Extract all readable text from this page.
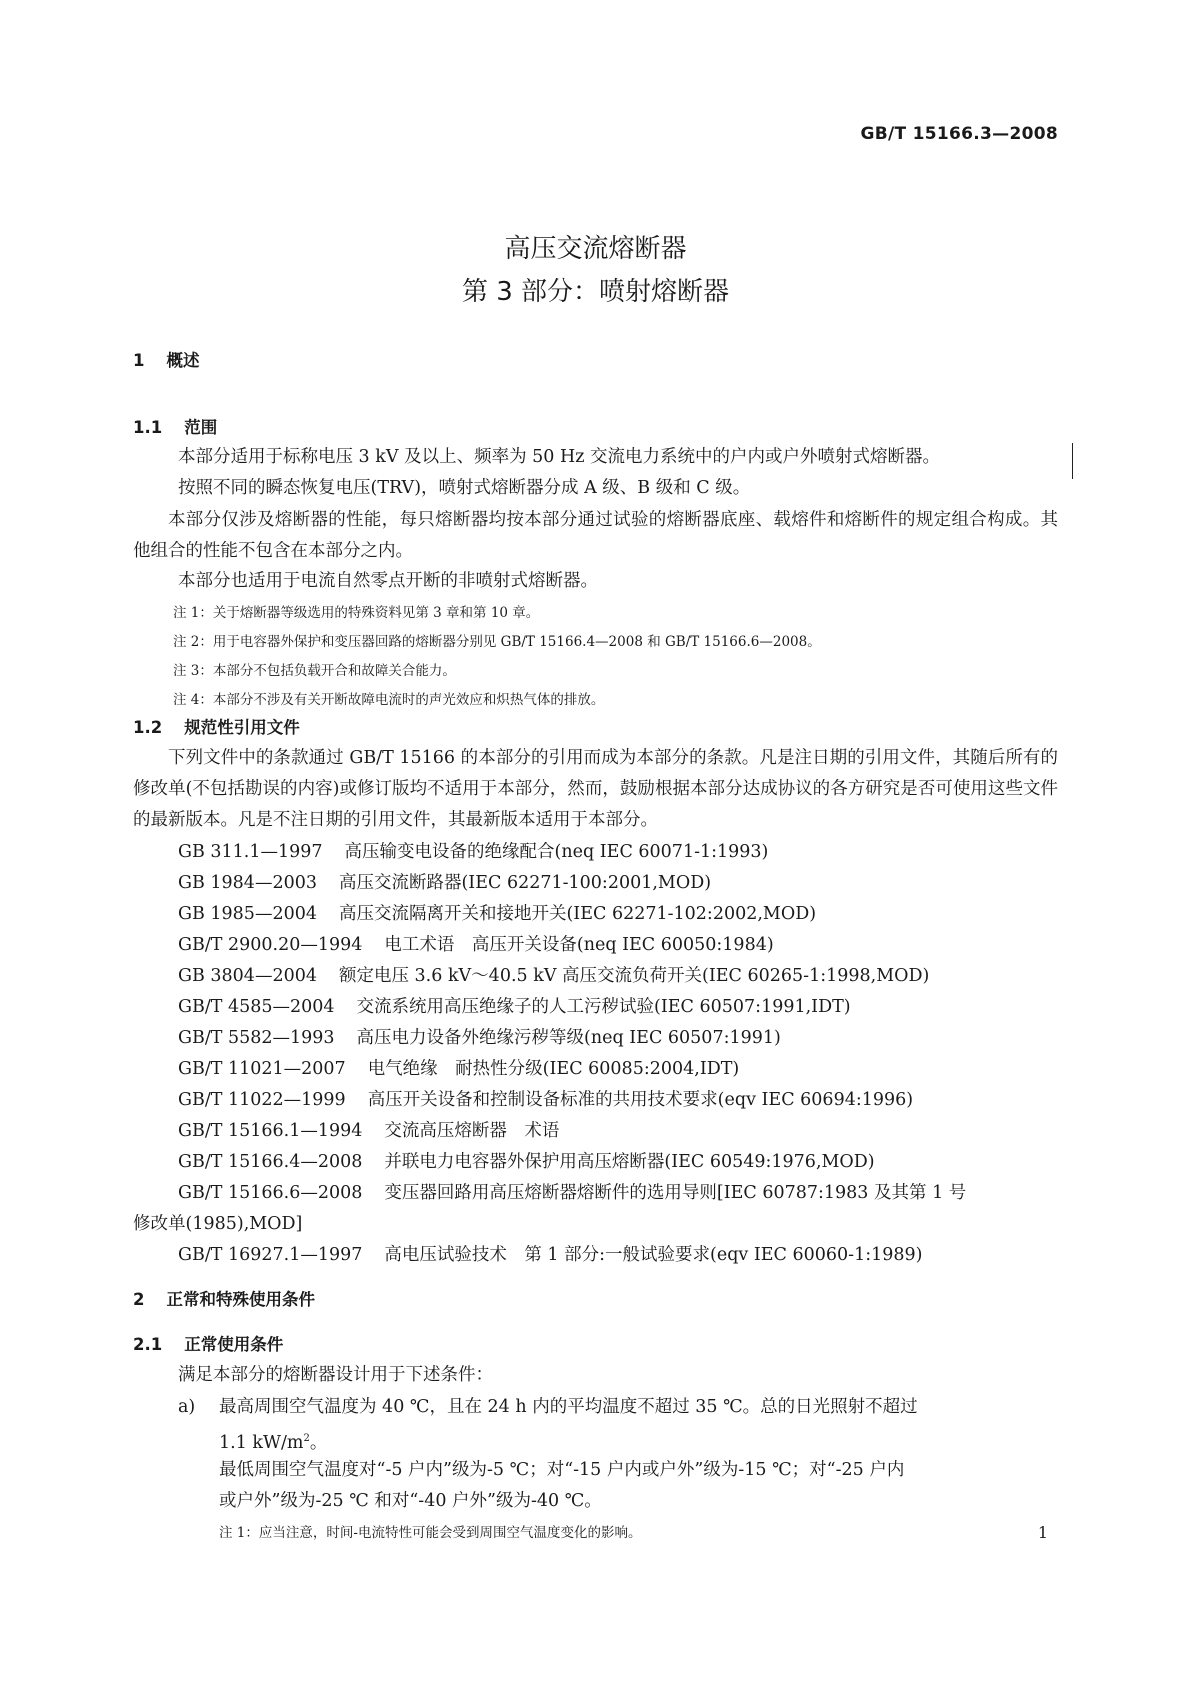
GB/T 15166.3—2008
高压交流熔断器
第 3 部分：喷射熔断器
1 概述
1.1 范围
本部分适用于标称电压 3 kV 及以上、频率为 50 Hz 交流电力系统中的户内或户外喷射式熔断器。
按照不同的瞬态恢复电压(TRV)，喷射式熔断器分成 A 级、B 级和 C 级。
本部分仅涉及熔断器的性能，每只熔断器均按本部分通过试验的熔断器底座、载熔件和熔断件的规定组合构成。其他组合的性能不包含在本部分之内。
本部分也适用于电流自然零点开断的非喷射式熔断器。
注 1：关于熔断器等级选用的特殊资料见第 3 章和第 10 章。
注 2：用于电容器外保护和变压器回路的熔断器分别见 GB/T 15166.4—2008 和 GB/T 15166.6—2008。
注 3：本部分不包括负载开合和故障关合能力。
注 4：本部分不涉及有关开断故障电流时的声光效应和炽热气体的排放。
1.2 规范性引用文件
下列文件中的条款通过 GB/T 15166 的本部分的引用而成为本部分的条款。凡是注日期的引用文件，其随后所有的修改单(不包括勘误的内容)或修订版均不适用于本部分，然而，鼓励根据本部分达成协议的各方研究是否可使用这些文件的最新版本。凡是不注日期的引用文件，其最新版本适用于本部分。
GB 311.1—1997 高压输变电设备的绝缘配合(neq IEC 60071-1:1993)
GB 1984—2003 高压交流断路器(IEC 62271-100:2001,MOD)
GB 1985—2004 高压交流隔离开关和接地开关(IEC 62271-102:2002,MOD)
GB/T 2900.20—1994 电工术语　高压开关设备(neq IEC 60050:1984)
GB 3804—2004 额定电压 3.6 kV～40.5 kV 高压交流负荷开关(IEC 60265-1:1998,MOD)
GB/T 4585—2004 交流系统用高压绝缘子的人工污秽试验(IEC 60507:1991,IDT)
GB/T 5582—1993 高压电力设备外绝缘污秽等级(neq IEC 60507:1991)
GB/T 11021—2007 电气绝缘　耐热性分级(IEC 60085:2004,IDT)
GB/T 11022—1999 高压开关设备和控制设备标准的共用技术要求(eqv IEC 60694:1996)
GB/T 15166.1—1994 交流高压熔断器　术语
GB/T 15166.4—2008 并联电力电容器外保护用高压熔断器(IEC 60549:1976,MOD)
GB/T 15166.6—2008 变压器回路用高压熔断器熔断件的选用导则[IEC 60787:1983 及其第 1 号
修改单(1985),MOD]
GB/T 16927.1—1997 高电压试验技术　第 1 部分:一般试验要求(eqv IEC 60060-1:1989)
2 正常和特殊使用条件
2.1 正常使用条件
满足本部分的熔断器设计用于下述条件：
a) 最高周围空气温度为 40 ℃，且在 24 h 内的平均温度不超过 35 ℃。总的日光照射不超过
1.1 $kW/m^2$。
最低周围空气温度对“-5 户内”级为-5 ℃；对“-15 户内或户外”级为-15 ℃；对“-25 户内
或户外”级为-25 ℃ 和对“-40 户外”级为-40 ℃。
注 1：应当注意，时间-电流特性可能会受到周围空气温度变化的影响。	1
